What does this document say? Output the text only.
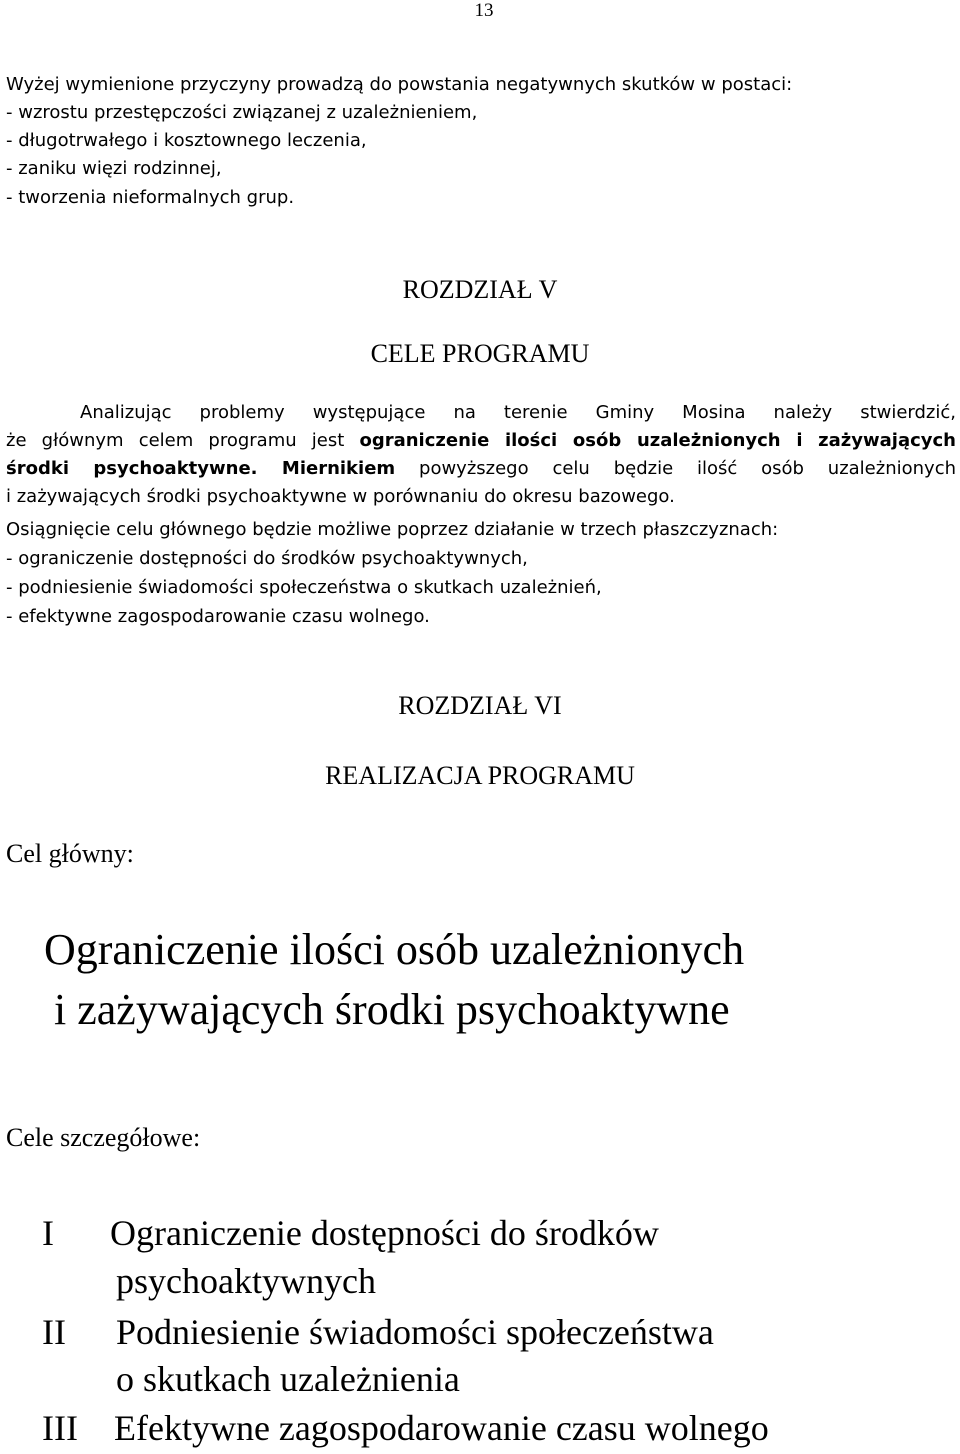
13
Wyżej wymienione przyczyny prowadzą do powstania negatywnych skutków w postaci:
- wzrostu przestępczości związanej z uzależnieniem,
- długotrwałego i kosztownego leczenia,
- zaniku więzi rodzinnej,
- tworzenia nieformalnych grup.
ROZDZIAŁ V
CELE PROGRAMU
Analizując problemy występujące na terenie Gminy Mosina należy stwierdzić,
że głównym celem programu jest ograniczenie ilości osób uzależnionych i zażywających
środki psychoaktywne. Miernikiem powyższego celu będzie ilość osób uzależnionych
i zażywających środki psychoaktywne w porównaniu do okresu bazowego.
Osiągnięcie celu głównego będzie możliwe poprzez działanie w trzech płaszczyznach:
- ograniczenie dostępności do środków psychoaktywnych,
- podniesienie świadomości społeczeństwa o skutkach uzależnień,
- efektywne zagospodarowanie czasu wolnego.
ROZDZIAŁ VI
REALIZACJA PROGRAMU
Cel główny:
Ograniczenie ilości osób uzależnionych
i zażywających środki psychoaktywne
Cele szczegółowe:
I Ograniczenie dostępności do środków
psychoaktywnych
II Podniesienie świadomości społeczeństwa
o skutkach uzależnienia
III Efektywne zagospodarowanie czasu wolnego
